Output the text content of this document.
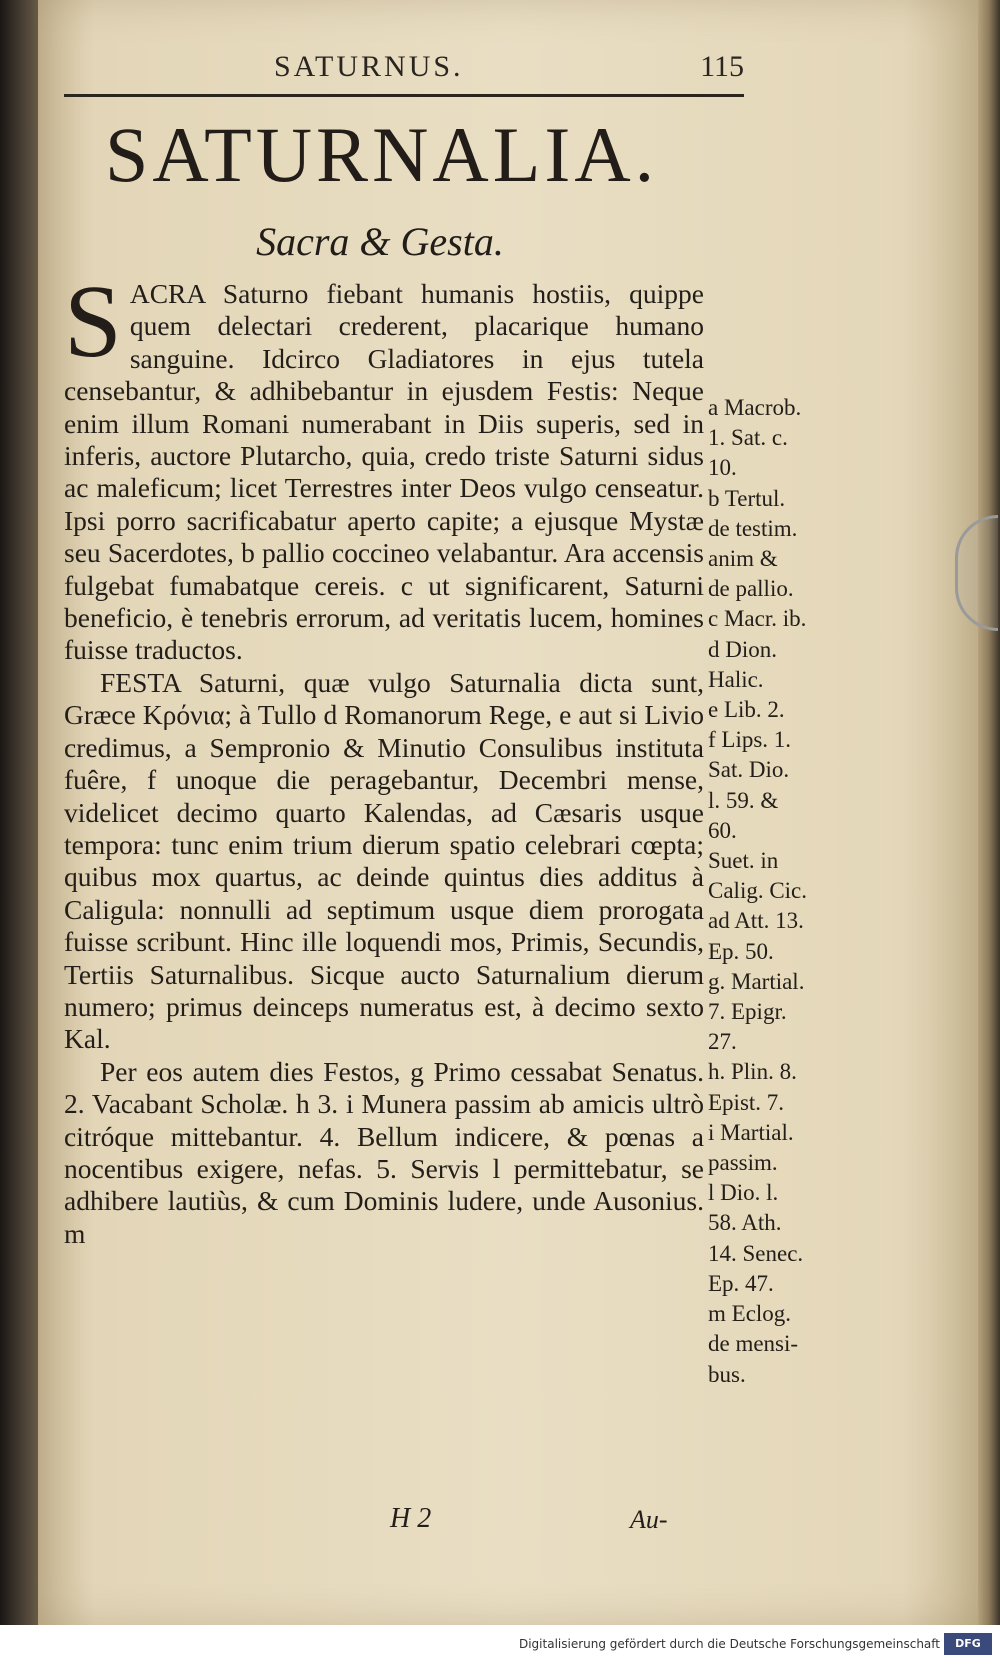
SATURNUS.	115
SATURNALIA.
Sacra & Gesta.

SACRA Saturno fiebant humanis hostiis, quippe quem delectari crederent, placarique humano sanguine. Idcirco Gladiatores in ejus tutela censebantur, & adhibebantur in ejusdem Festis: Neque enim illum Romani numerabant in Diis superis, sed in inferis, auctore Plutarcho, quia, credo triste Saturni sidus ac maleficum; licet Terrestres inter Deos vulgo censeatur. Ipsi porro sacrificabatur aperto capite; a ejusque Mystæ seu Sacerdotes, b pallio coccineo velabantur. Ara accensis fulgebat fumabatque cereis. c ut significarent, Saturni beneficio, è tenebris errorum, ad veritatis lucem, homines fuisse traductos.

FESTA Saturni, quæ vulgo Saturnalia dicta sunt, Græce Κρόνια; à Tullo d Romanorum Rege, e aut si Livio credimus, a Sempronio & Minutio Consulibus instituta fuêre, f unoque die peragebantur, Decembri mense, videlicet decimo quarto Kalendas, ad Cæsaris usque tempora: tunc enim trium dierum spatio celebrari cœpta; quibus mox quartus, ac deinde quintus dies additus à Caligula: nonnulli ad septimum usque diem prorogata fuisse scribunt. Hinc ille loquendi mos, Primis, Secundis, Tertiis Saturnalibus. Sicque aucto Saturnalium dierum numero; primus deinceps numeratus est, à decimo sexto Kal.

Per eos autem dies Festos, g Primo cessabat Senatus. 2. Vacabant Scholæ. h 3. i Munera passim ab amicis ultrò citróque mittebantur. 4. Bellum indicere, & pœnas a nocentibus exigere, nefas. 5. Servis l permittebatur, se adhibere lautiùs, & cum Dominis ludere, unde Ausonius. m

a Macrob.
1. Sat. c.
10.
b Tertul.
de testim.
anim &
de pallio.
c Macr. ib.
d Dion.
Halic.
e Lib. 2.
f Lips. 1.
Sat. Dio.
l. 59. &
60.
Suet. in
Calig. Cic.
ad Att. 13.
Ep. 50.
g. Martial.
7. Epigr.
27.
h. Plin. 8.
Epist. 7.
i Martial.
passim.
l Dio. l.
58. Ath.
14. Senec.
Ep. 47.
m Eclog.
de mensi-
bus.
H 2	Au-
Digitalisierung gefördert durch die Deutsche Forschungsgemeinschaft	DFG
